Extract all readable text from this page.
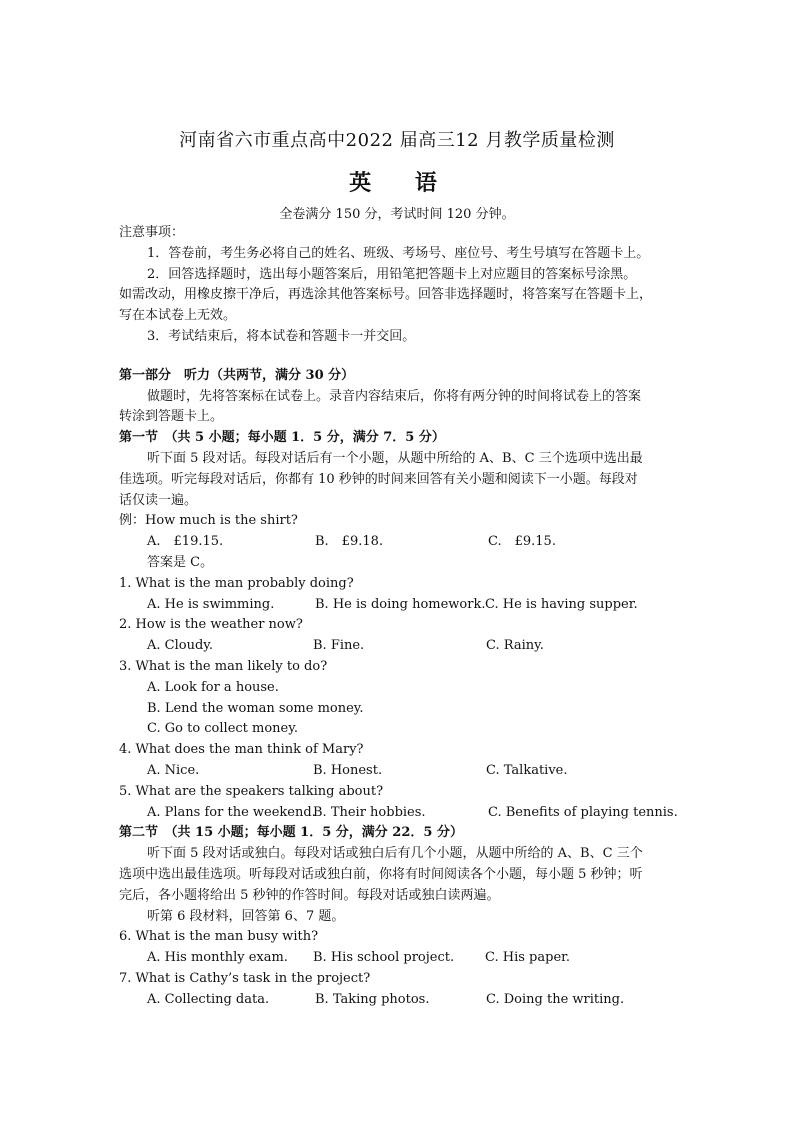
河南省六市重点高中2022 届高三12 月教学质量检测
英 语
全卷满分 150 分，考试时间 120 分钟。
注意事项：
1．答卷前，考生务必将自己的姓名、班级、考场号、座位号、考生号填写在答题卡上。
2．回答选择题时，选出每小题答案后，用铅笔把答题卡上对应题目的答案标号涂黑。
如需改动，用橡皮擦干净后，再选涂其他答案标号。回答非选择题时，将答案写在答题卡上，
写在本试卷上无效。
3．考试结束后，将本试卷和答题卡一并交回。
第一部分　听力（共两节，满分 30 分）
做题时，先将答案标在试卷上。录音内容结束后，你将有两分钟的时间将试卷上的答案
转涂到答题卡上。
第一节　（共 5 小题；每小题 1．5 分，满分 7．5 分）
听下面 5 段对话。每段对话后有一个小题，从题中所给的 A、B、C 三个选项中选出最
佳选项。听完每段对话后，你都有 10 秒钟的时间来回答有关小题和阅读下一小题。每段对
话仅读一遍。
例：How much is the shirt?
A.　£19.15.	B.　£9.18.	C.　£9.15.
答案是 C。
1. What is the man probably doing?
A. He is swimming.	B. He is doing homework. C. He is having supper.
2. How is the weather now?
A. Cloudy.	B. Fine.	C. Rainy.
3. What is the man likely to do?
A. Look for a house.
B. Lend the woman some money.
C. Go to collect money.
4. What does the man think of Mary?
A. Nice.	B. Honest.	C. Talkative.
5. What are the speakers talking about?
A. Plans for the weekend.
B. Their hobbies.	C. Benefits of playing tennis.
第二节　（共 15 小题；每小题 1．5 分，满分 22．5 分）
听下面 5 段对话或独白。每段对话或独白后有几个小题，从题中所给的 A、B、C 三个
选项中选出最佳选项。听每段对话或独白前，你将有时间阅读各个小题，每小题 5 秒钟；听
完后，各小题将给出 5 秒钟的作答时间。每段对话或独白读两遍。
听第 6 段材料，回答第 6、7 题。
6. What is the man busy with?
A. His monthly exam. B. His school project. C. His paper.
7. What is Cathy’s task in the project?
A. Collecting data.	B. Taking photos.	C. Doing the writing.
